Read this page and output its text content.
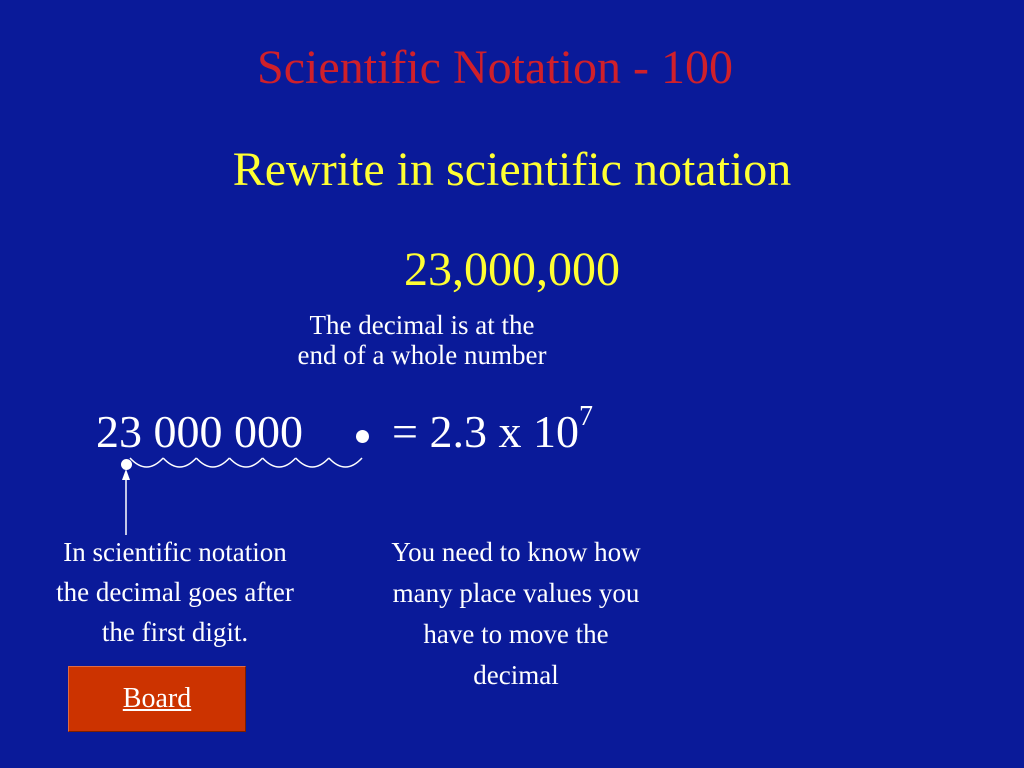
Scientific Notation - 100
Rewrite in scientific notation
23,000,000
The decimal is at the
end of a whole number
23 000 000 = 2.3 x $10^7$
In scientific notation
the decimal goes after
the first digit.
You need to know how
many place values you
have to move the
decimal
Board
